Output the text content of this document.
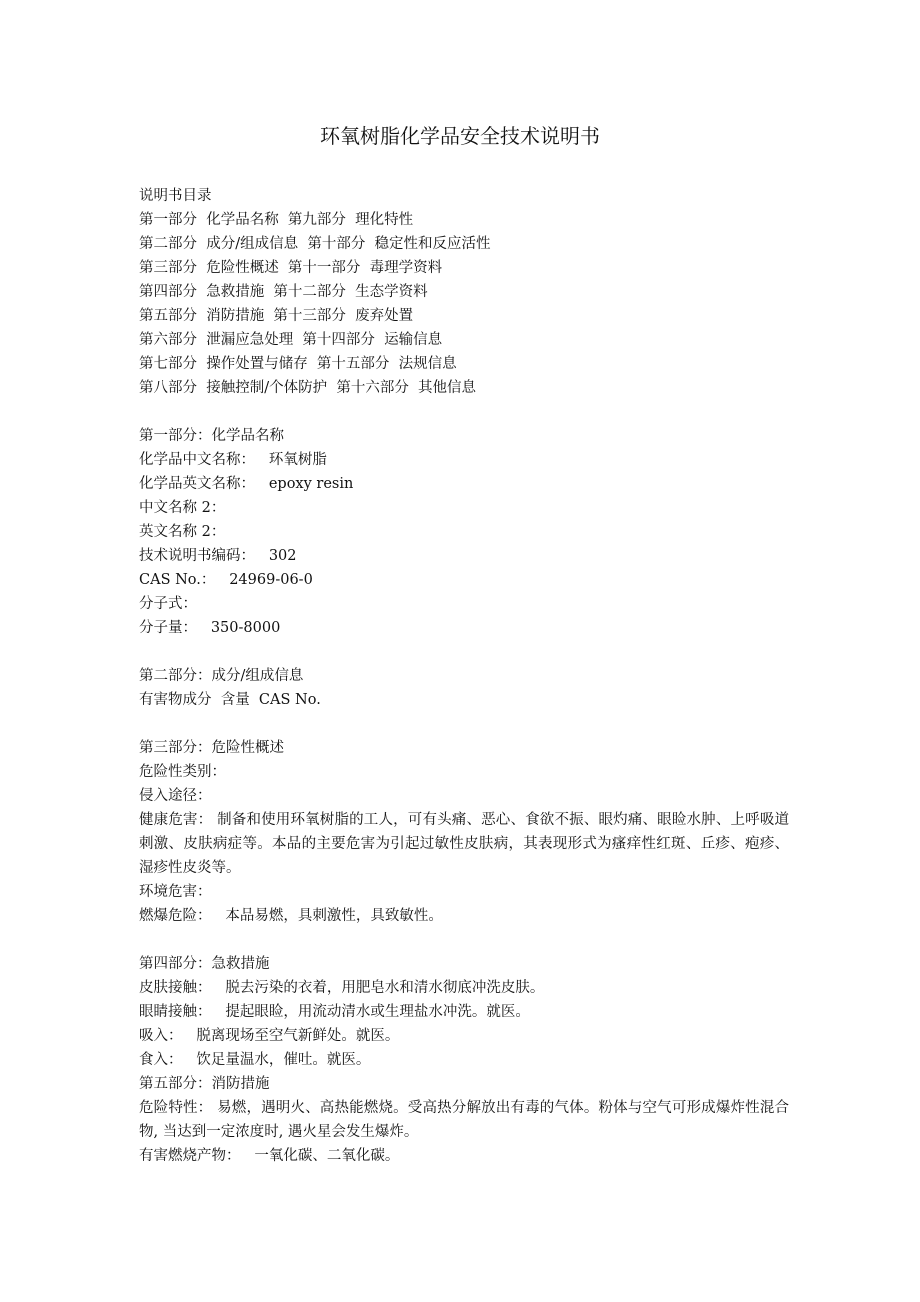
环氧树脂化学品安全技术说明书
说明书目录
第一部分  化学品名称  第九部分  理化特性
第二部分  成分/组成信息  第十部分  稳定性和反应活性
第三部分  危险性概述  第十一部分  毒理学资料
第四部分  急救措施  第十二部分  生态学资料
第五部分  消防措施  第十三部分  废弃处置
第六部分  泄漏应急处理  第十四部分  运输信息
第七部分  操作处置与储存  第十五部分  法规信息
第八部分  接触控制/个体防护  第十六部分  其他信息
第一部分：化学品名称
化学品中文名称：   环氧树脂
化学品英文名称：   epoxy resin
中文名称 2：
英文名称 2：
技术说明书编码：   302
CAS No.：   24969-06-0
分子式：
分子量：   350-8000
第二部分：成分/组成信息
有害物成分  含量  CAS No.
第三部分：危险性概述
危险性类别：
侵入途径：
健康危害： 制备和使用环氧树脂的工人，可有头痛、恶心、食欲不振、眼灼痛、眼睑水肿、上呼吸道刺激、皮肤病症等。本品的主要危害为引起过敏性皮肤病，其表现形式为瘙痒性红斑、丘疹、疱疹、湿疹性皮炎等。
环境危害：
燃爆危险：   本品易燃，具刺激性，具致敏性。
第四部分：急救措施
皮肤接触：   脱去污染的衣着，用肥皂水和清水彻底冲洗皮肤。
眼睛接触：   提起眼睑，用流动清水或生理盐水冲洗。就医。
吸入：   脱离现场至空气新鲜处。就医。
食入：   饮足量温水，催吐。就医。
第五部分：消防措施
危险特性： 易燃，遇明火、高热能燃烧。受高热分解放出有毒的气体。粉体与空气可形成爆炸性混合物, 当达到一定浓度时, 遇火星会发生爆炸。
有害燃烧产物：   一氧化碳、二氧化碳。
